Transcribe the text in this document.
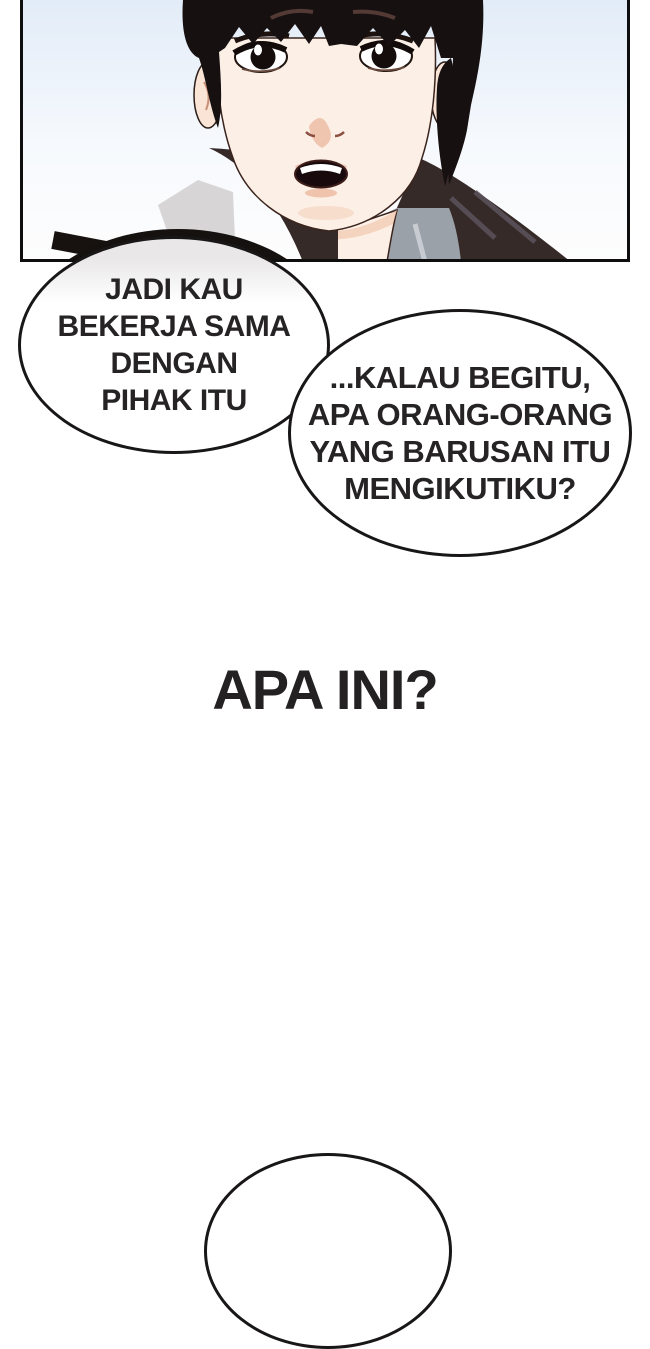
JADI KAU
BEKERJA SAMA
DENGAN
PIHAK ITU
...KALAU BEGITU,
APA ORANG-ORANG
YANG BARUSAN ITU
MENGIKUTIKU?
APA INI?
